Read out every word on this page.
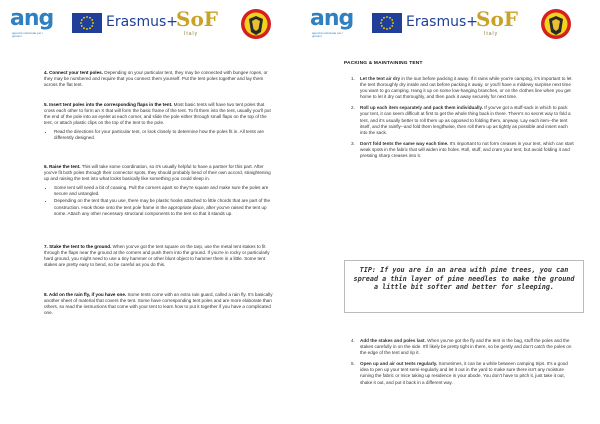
ang
agenzia nazionale per i giovani
Erasmus+
SoF
Italy

4. Connect your tent poles. Depending on your particular tent, they may be connected with bungee ropes, or they may be numbered and require that you connect them yourself. Put the tent poles together and lay them across the flat tent.

5. Insert tent poles into the corresponding flaps in the tent. Most basic tents will have two tent poles that cross each other to form an X that will form the basic frame of the tent. To fit them into the tent, usually you'll put the end of the pole into an eyelet at each corner, and slide the pole either through small flaps on the top of the tent, or attach plastic clips on the top of the tent to the pole.

• Read the directions for your particular tent, or look closely to determine how the poles fit in. All tents are differently designed.

6. Raise the tent. This will take some coordination, so it's usually helpful to have a partner for this part. After you've fit both poles through their connector spots, they should probably bend of their own accord, straightening up and raising the tent into what looks basically like something you could sleep in.

• Some tent will need a bit of coaxing. Pull the corners apart so they're square and make sure the poles are secure and untangled.
• Depending on the tent that you use, there may be plastic hooks attached to little chords that are part of the construction. Hook those onto the tent pole frame in the appropriate place, after you've raised the tent up some. Attach any other necessary structural components to the tent so that it stands up.

7. Stake the tent to the ground. When you've got the tent square on the tarp, use the metal tent stakes to fit through the flaps near the ground at the corners and push them into the ground. If you're in rocky or particularly hard ground, you might need to use a tiny hammer or other blunt object to hammer them in a little. Some tent stakes are pretty easy to bend, so be careful as you do this.

8. Add on the rain fly, if you have one. Some tents come with an extra rain guard, called a rain fly. It's basically another sheet of material that covers the tent. Some have corresponding tent poles and are more elaborate than others, so read the instructions that come with your tent to learn how to put it together if you have a complicated one.

ang
agenzia nazionale per i giovani
Erasmus+
SoF
Italy
PACKING & MAINTAINING TENT
1. Let the tent air dry in the sun before packing it away. If it rains while you're camping, it's important to let the tent thoroughly dry inside and out before packing it away, or you'll have a mildewy surprise next time you want to go camping. Hang it up on some low-hanging branches, or on the clothes line when you get home to let it dry out thoroughly, and then pack it away securely for next time.
2. Roll up each item separately and pack them individually. If you've got a stuff-sack in which to pack your tent, it can seem difficult at first to get the whole thing back in there. There's no secret way to fold a tent, and it's usually better to roll them up as opposed to folding them, anyway. Lay each item--the tent itself, and the rainfly--and fold them lengthwise, then roll them up as tightly as possible and insert each into the sack.
3. Don't fold tents the same way each time. It's important to not form creases in your tent, which can start weak spots in the fabric that will widen into holes. Roll, stuff, and cram your tent, but avoid folding it and pressing sharp creases into it.
TIP: If you are in an area with pine trees, you can spread a thin layer of pine needles to make the ground a little bit softer and better for sleeping.
4. Add the stakes and poles last. When you've got the fly and the tent in the bag, stuff the poles and the stakes carefully in on the side. It'll likely be pretty tight in there, so be gently and don't catch the poles on the edge of the tent and rip it.
5. Open up and air out tents regularly. Sometimes, it can be a while between camping trips. It's a good idea to pen up your tent semi-regularly and let it out in the yard to make sure there isn't any moisture ruining the fabric or mice taking up residence in your abode. You don't have to pitch it, just take it out, shake it out, and put it back in a different way.
